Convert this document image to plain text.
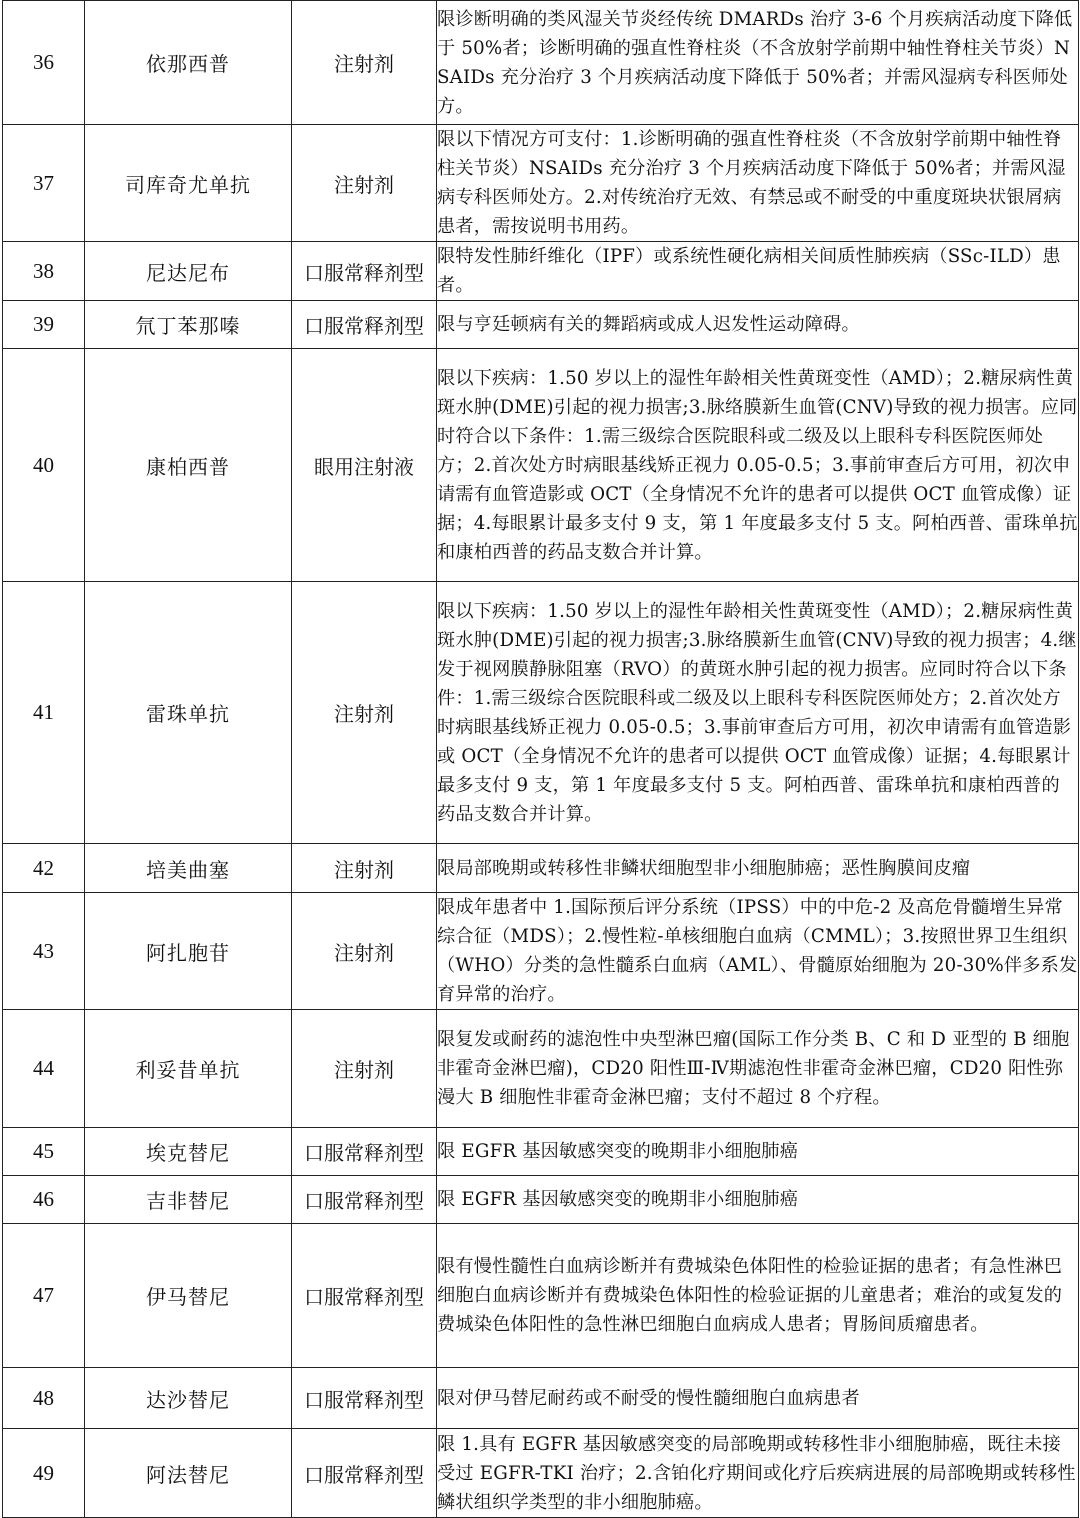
36	依那西普	注射剂	限诊断明确的类风湿关节炎经传统 DMARDs 治疗 3-6 个月疾病活动度下降低于 50%者；诊断明确的强直性脊柱炎（不含放射学前期中轴性脊柱关节炎）NSAIDs 充分治疗 3 个月疾病活动度下降低于 50%者；并需风湿病专科医师处方。
37	司库奇尤单抗	注射剂	限以下情况方可支付：1.诊断明确的强直性脊柱炎（不含放射学前期中轴性脊柱关节炎）NSAIDs 充分治疗 3 个月疾病活动度下降低于 50%者；并需风湿病专科医师处方。2.对传统治疗无效、有禁忌或不耐受的中重度斑块状银屑病患者，需按说明书用药。
38	尼达尼布	口服常释剂型	限特发性肺纤维化（IPF）或系统性硬化病相关间质性肺疾病（SSc-ILD）患者。
39	氘丁苯那嗪	口服常释剂型	限与亨廷顿病有关的舞蹈病或成人迟发性运动障碍。
40	康柏西普	眼用注射液	限以下疾病：1.50 岁以上的湿性年龄相关性黄斑变性（AMD）；2.糖尿病性黄斑水肿(DME)引起的视力损害;3.脉络膜新生血管(CNV)导致的视力损害。应同时符合以下条件：1.需三级综合医院眼科或二级及以上眼科专科医院医师处方；2.首次处方时病眼基线矫正视力 0.05-0.5；3.事前审查后方可用，初次申请需有血管造影或 OCT（全身情况不允许的患者可以提供 OCT 血管成像）证据；4.每眼累计最多支付 9 支，第 1 年度最多支付 5 支。阿柏西普、雷珠单抗和康柏西普的药品支数合并计算。
41	雷珠单抗	注射剂	限以下疾病：1.50 岁以上的湿性年龄相关性黄斑变性（AMD）；2.糖尿病性黄斑水肿(DME)引起的视力损害;3.脉络膜新生血管(CNV)导致的视力损害；4.继发于视网膜静脉阻塞（RVO）的黄斑水肿引起的视力损害。应同时符合以下条件：1.需三级综合医院眼科或二级及以上眼科专科医院医师处方；2.首次处方时病眼基线矫正视力 0.05-0.5；3.事前审查后方可用，初次申请需有血管造影或 OCT（全身情况不允许的患者可以提供 OCT 血管成像）证据；4.每眼累计最多支付 9 支，第 1 年度最多支付 5 支。阿柏西普、雷珠单抗和康柏西普的药品支数合并计算。
42	培美曲塞	注射剂	限局部晚期或转移性非鳞状细胞型非小细胞肺癌；恶性胸膜间皮瘤
43	阿扎胞苷	注射剂	限成年患者中 1.国际预后评分系统（IPSS）中的中危-2 及高危骨髓增生异常综合征（MDS）；2.慢性粒-单核细胞白血病（CMML）；3.按照世界卫生组织（WHO）分类的急性髓系白血病（AML）、骨髓原始细胞为 20-30%伴多系发育异常的治疗。
44	利妥昔单抗	注射剂	限复发或耐药的滤泡性中央型淋巴瘤(国际工作分类 B、C 和 D 亚型的 B 细胞非霍奇金淋巴瘤)，CD20 阳性Ⅲ-Ⅳ期滤泡性非霍奇金淋巴瘤，CD20 阳性弥漫大 B 细胞性非霍奇金淋巴瘤；支付不超过 8 个疗程。
45	埃克替尼	口服常释剂型	限 EGFR 基因敏感突变的晚期非小细胞肺癌
46	吉非替尼	口服常释剂型	限 EGFR 基因敏感突变的晚期非小细胞肺癌
47	伊马替尼	口服常释剂型	限有慢性髓性白血病诊断并有费城染色体阳性的检验证据的患者；有急性淋巴细胞白血病诊断并有费城染色体阳性的检验证据的儿童患者；难治的或复发的费城染色体阳性的急性淋巴细胞白血病成人患者；胃肠间质瘤患者。
48	达沙替尼	口服常释剂型	限对伊马替尼耐药或不耐受的慢性髓细胞白血病患者
49	阿法替尼	口服常释剂型	限 1.具有 EGFR 基因敏感突变的局部晚期或转移性非小细胞肺癌，既往未接受过 EGFR-TKI 治疗；2.含铂化疗期间或化疗后疾病进展的局部晚期或转移性鳞状组织学类型的非小细胞肺癌。
